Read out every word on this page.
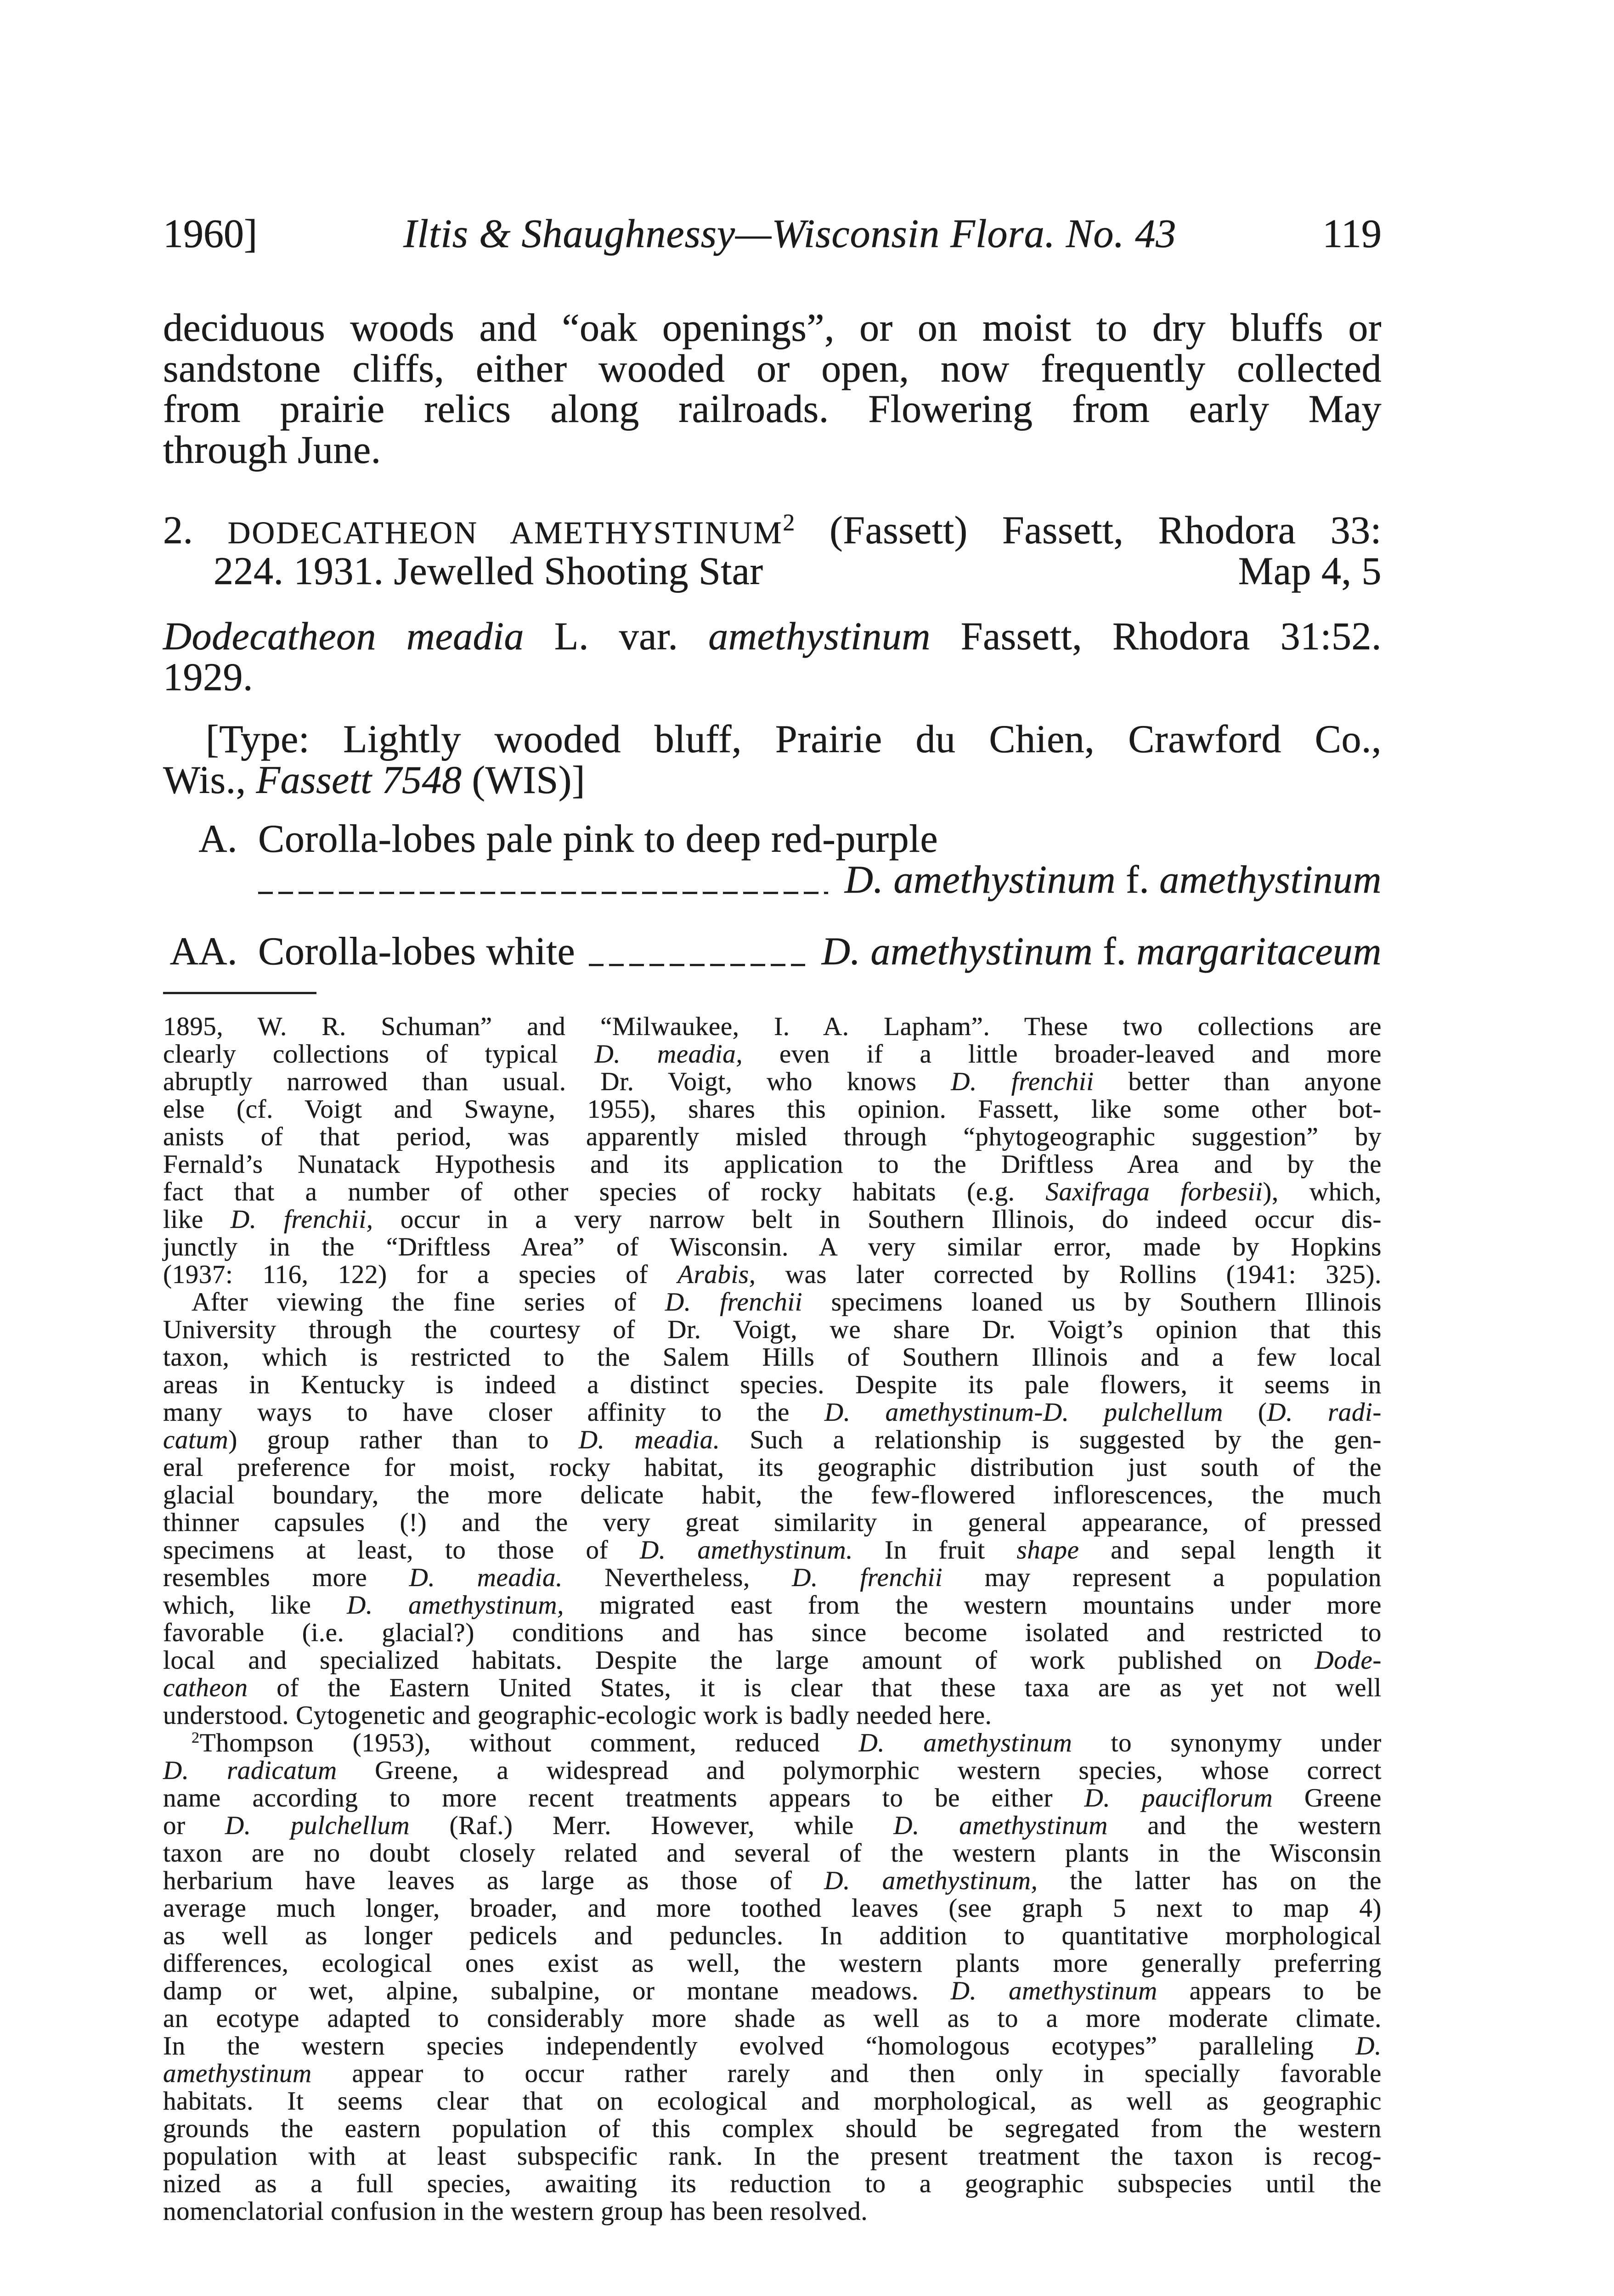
1960]	Iltis & Shaughnessy—Wisconsin Flora. No. 43	119
deciduous woods and “oak openings”, or on moist to dry bluffs or
sandstone cliffs, either wooded or open, now frequently collected
from prairie relics along railroads. Flowering from early May
through June.
2. DODECATHEON AMETHYSTINUM$^2$ (Fassett) Fassett, Rhodora 33:
224. 1931. Jewelled Shooting Star	Map 4, 5
Dodecatheon meadia L. var. amethystinum Fassett, Rhodora 31:52.
1929.
[Type: Lightly wooded bluff, Prairie du Chien, Crawford Co.,
Wis., Fassett 7548 (WIS)]
A. Corolla-lobes pale pink to deep red-purple
D. amethystinum f. amethystinum
AA. Corolla-lobes white	D. amethystinum f. margaritaceum
1895, W. R. Schuman” and “Milwaukee, I. A. Lapham”. These two collections are
clearly collections of typical D. meadia, even if a little broader-leaved and more
abruptly narrowed than usual. Dr. Voigt, who knows D. frenchii better than anyone
else (cf. Voigt and Swayne, 1955), shares this opinion. Fassett, like some other bot-
anists of that period, was apparently misled through “phytogeographic suggestion” by
Fernald’s Nunatack Hypothesis and its application to the Driftless Area and by the
fact that a number of other species of rocky habitats (e.g. Saxifraga forbesii), which,
like D. frenchii, occur in a very narrow belt in Southern Illinois, do indeed occur dis-
junctly in the “Driftless Area” of Wisconsin. A very similar error, made by Hopkins
(1937: 116, 122) for a species of Arabis, was later corrected by Rollins (1941: 325).
After viewing the fine series of D. frenchii specimens loaned us by Southern Illinois
University through the courtesy of Dr. Voigt, we share Dr. Voigt’s opinion that this
taxon, which is restricted to the Salem Hills of Southern Illinois and a few local
areas in Kentucky is indeed a distinct species. Despite its pale flowers, it seems in
many ways to have closer affinity to the D. amethystinum-D. pulchellum (D. radi-
catum) group rather than to D. meadia. Such a relationship is suggested by the gen-
eral preference for moist, rocky habitat, its geographic distribution just south of the
glacial boundary, the more delicate habit, the few-flowered inflorescences, the much
thinner capsules (!) and the very great similarity in general appearance, of pressed
specimens at least, to those of D. amethystinum. In fruit shape and sepal length it
resembles more D. meadia. Nevertheless, D. frenchii may represent a population
which, like D. amethystinum, migrated east from the western mountains under more
favorable (i.e. glacial?) conditions and has since become isolated and restricted to
local and specialized habitats. Despite the large amount of work published on Dode-
catheon of the Eastern United States, it is clear that these taxa are as yet not well
understood. Cytogenetic and geographic-ecologic work is badly needed here.
$^2$Thompson (1953), without comment, reduced D. amethystinum to synonymy under
D. radicatum Greene, a widespread and polymorphic western species, whose correct
name according to more recent treatments appears to be either D. pauciflorum Greene
or D. pulchellum (Raf.) Merr. However, while D. amethystinum and the western
taxon are no doubt closely related and several of the western plants in the Wisconsin
herbarium have leaves as large as those of D. amethystinum, the latter has on the
average much longer, broader, and more toothed leaves (see graph 5 next to map 4)
as well as longer pedicels and peduncles. In addition to quantitative morphological
differences, ecological ones exist as well, the western plants more generally preferring
damp or wet, alpine, subalpine, or montane meadows. D. amethystinum appears to be
an ecotype adapted to considerably more shade as well as to a more moderate climate.
In the western species independently evolved “homologous ecotypes” paralleling D.
amethystinum appear to occur rather rarely and then only in specially favorable
habitats. It seems clear that on ecological and morphological, as well as geographic
grounds the eastern population of this complex should be segregated from the western
population with at least subspecific rank. In the present treatment the taxon is recog-
nized as a full species, awaiting its reduction to a geographic subspecies until the
nomenclatorial confusion in the western group has been resolved.
